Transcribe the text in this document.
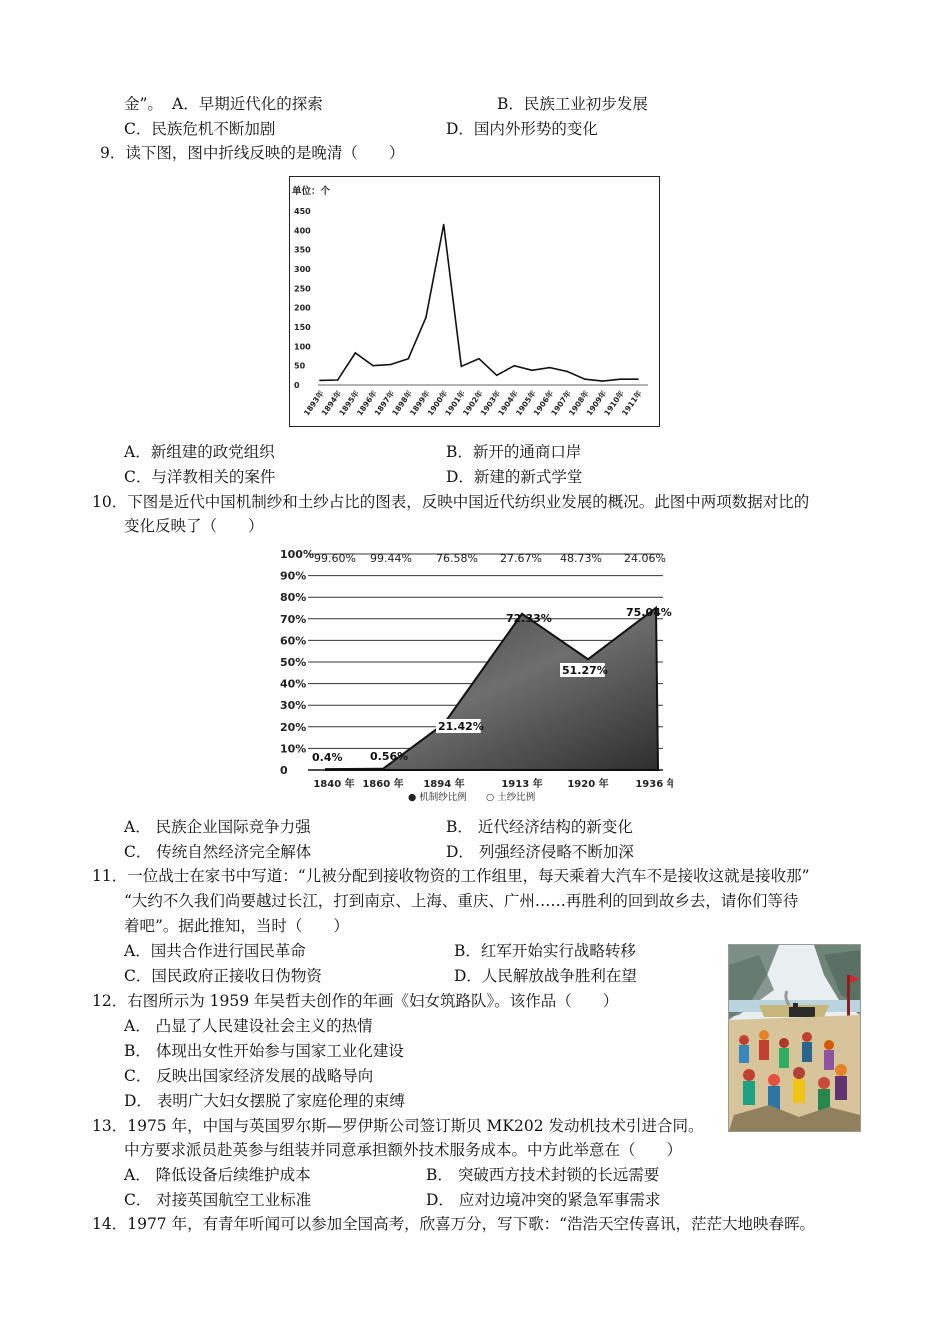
金”。 A．早期近代化的探索	B．民族工业初步发展
C．民族危机不断加剧	D．国内外形势的变化
9．读下图，图中折线反映的是晚清（　　）
单位：个
0
50
100
150
200
250
300
350
400
450
1893年
1894年
1895年
1896年
1897年
1898年
1899年
1900年
1901年
1902年
1903年
1904年
1905年
1906年
1907年
1908年
1909年
1910年
1911年
A．新组建的政党组织	B．新开的通商口岸
C．与洋教相关的案件	D．新建的新式学堂
10．下图是近代中国机制纱和土纱占比的图表，反映中国近代纺织业发展的概况。此图中两项数据对比的
变化反映了（　　）
0
10%
20%
30%
40%
50%
60%
70%
80%
90%
100%
0.4% 0.56%
21.42%
72.33%
51.27%
75.04%
99.60% 99.44% 76.58% 27.67% 48.73% 24.06%
1840 年 1860 年 1894 年	1913 年 1920 年	1936 年
● 机制纱比例 ○ 土纱比例
A． 民族企业国际竞争力强	B． 近代经济结构的新变化
C． 传统自然经济完全解体	D． 列强经济侵略不断加深
11．一位战士在家书中写道：“儿被分配到接收物资的工作组里，每天乘着大汽车不是接收这就是接收那”
“大约不久我们尚要越过长江，打到南京、上海、重庆、广州……再胜利的回到故乡去，请你们等待
着吧”。据此推知，当时（　　）
A．国共合作进行国民革命	B．红军开始实行战略转移
C．国民政府正接收日伪物资	D．人民解放战争胜利在望
12．右图所示为 1959 年吴哲夫创作的年画《妇女筑路队》。该作品（　　）
A． 凸显了人民建设社会主义的热情
B． 体现出女性开始参与国家工业化建设
C． 反映出国家经济发展的战略导向
D． 表明广大妇女摆脱了家庭伦理的束缚
13．1975 年，中国与英国罗尔斯—罗伊斯公司签订斯贝 MK202 发动机技术引进合同。
中方要求派员赴英参与组装并同意承担额外技术服务成本。中方此举意在（　　）
A． 降低设备后续维护成本	B． 突破西方技术封锁的长远需要
C． 对接英国航空工业标准	D． 应对边境冲突的紧急军事需求
14．1977 年，有青年听闻可以参加全国高考，欣喜万分，写下歌：“浩浩天空传喜讯，茫茫大地映春晖。
